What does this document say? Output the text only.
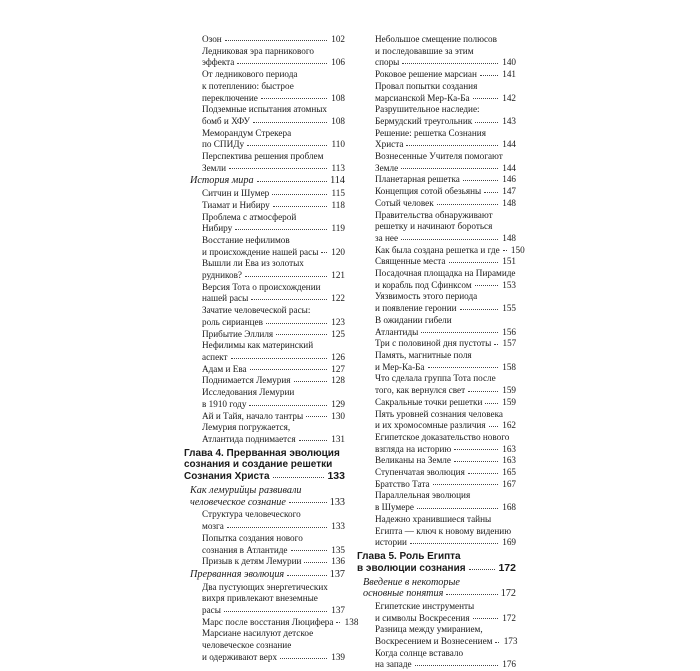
Озон	102
Ледниковая эра парникового
эффекта	106
От ледникового периода
к потеплению: быстрое
переключение	108
Подземные испытания атомных
бомб и ХФУ	108
Меморандум Стрекера
по СПИДу	110
Перспектива решения проблем
Земли	113
История мира	114
Ситчин и Шумер	115
Тиамат и Нибиру	118
Проблема с атмосферой
Нибиру	119
Восстание нефилимов
и происхождение нашей расы 120
Вышли ли Ева из золотых
рудников?	121
Версия Тота о происхождении
нашей расы	122
Зачатие человеческой расы:
роль сирианцев	123
Прибытие Эллиля	125
Нефилимы как материнский
аспект	126
Адам и Ева	127
Поднимается Лемурия	128
Исследования Лемурии
в 1910 году	129
Ай и Тайя, начало тантры	130
Лемурия погружается,
Атлантида поднимается	131
Глава 4. Прерванная эволюция
сознания и создание решетки
Сознания Христа	133
Как лемурийцы развивали
человеческое сознание	133
Структура человеческого
мозга	133
Попытка создания нового
сознания в Атлантиде	135
Призыв к детям Лемурии	136
Прерванная эволюция	137
Два пустующих энергетических
вихря привлекают внеземные
расы	137
Марс после восстания Люцифера 138
Марсиане насилуют детское
человеческое сознание
и одерживают верх	139
Небольшое смещение полюсов
и последовавшие за этим
споры	140
Роковое решение марсиан	141
Провал попытки создания
марсианской Мер-Ка-Ба	142
Разрушительное наследие:
Бермудский треугольник	143
Решение: решетка Сознания
Христа	144
Вознесенные Учителя помогают
Земле	144
Планетарная решетка	146
Концепция сотой обезьяны 147
Сотый человек	148
Правительства обнаруживают
решетку и начинают бороться
за нее	148
Как была создана решетка и где 150
Священные места	151
Посадочная площадка на Пирамиде
и корабль под Сфинксом	153
Уязвимость этого периода
и появление геронии	155
В ожидании гибели
Атлантиды	156
Три с половиной дня пустоты 157
Память, магнитные поля
и Мер-Ка-Ба	158
Что сделала группа Тота после
того, как вернулся свет	159
Сакральные точки решетки 159
Пять уровней сознания человека
и их хромосомные различия 162
Египетское доказательство нового
взгляда на историю	163
Великаны на Земле	163
Ступенчатая эволюция	165
Братство Тата	167
Параллельная эволюция
в Шумере	168
Надежно хранившиеся тайны
Египта — ключ к новому видению
истории	169
Глава 5. Роль Египта
в эволюции сознания	172
Введение в некоторые
основные понятия	172
Египетские инструменты
и символы Воскресения	172
Разница между умиранием,
Воскресением и Вознесением 173
Когда солнце вставало
на западе	176
